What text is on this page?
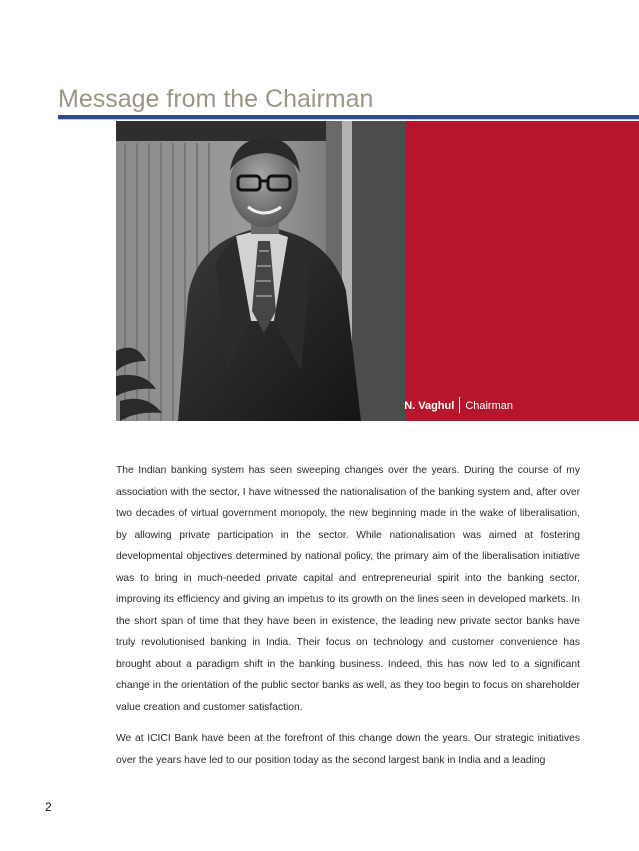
Message from the Chairman
N. Vaghul Chairman

The Indian banking system has seen sweeping changes over the years. During the course of my association with the sector, I have witnessed the nationalisation of the banking system and, after over two decades of virtual government monopoly, the new beginning made in the wake of liberalisation, by allowing private participation in the sector. While nationalisation was aimed at fostering developmental objectives determined by national policy, the primary aim of the liberalisation initiative was to bring in much-needed private capital and entrepreneurial spirit into the banking sector, improving its efficiency and giving an impetus to its growth on the lines seen in developed markets. In the short span of time that they have been in existence, the leading new private sector banks have truly revolutionised banking in India. Their focus on technology and customer convenience has brought about a paradigm shift in the banking business. Indeed, this has now led to a significant change in the orientation of the public sector banks as well, as they too begin to focus on shareholder value creation and customer satisfaction.

We at ICICI Bank have been at the forefront of this change down the years. Our strategic initiatives over the years have led to our position today as the second largest bank in India and a leading

2
